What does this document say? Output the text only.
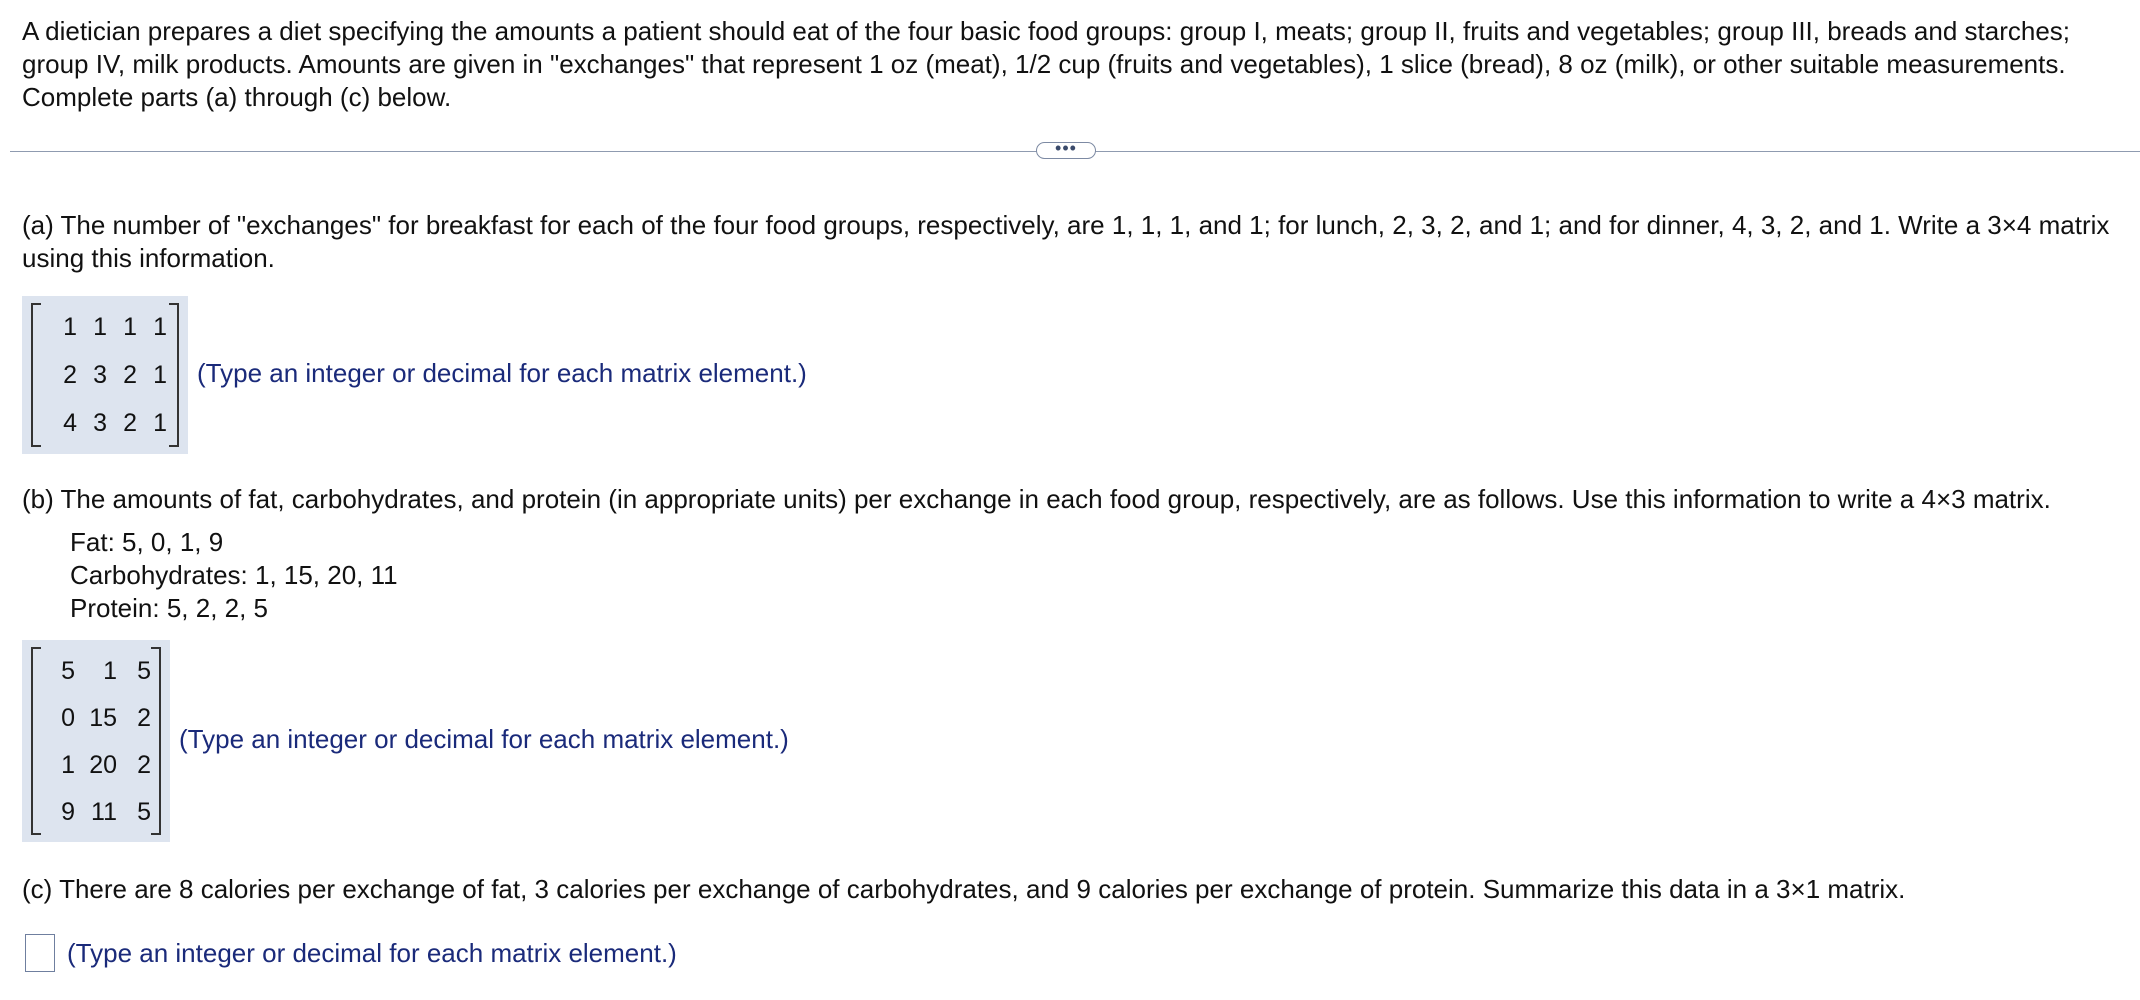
A dietician prepares a diet specifying the amounts a patient should eat of the four basic food groups: group I, meats; group II, fruits and vegetables; group III, breads and starches; group IV, milk products. Amounts are given in "exchanges" that represent 1 oz (meat), 1/2 cup (fruits and vegetables), 1 slice (bread), 8 oz (milk), or other suitable measurements. Complete parts (a) through (c) below.
•••
(a) The number of "exchanges" for breakfast for each of the four food groups, respectively, are 1, 1, 1, and 1; for lunch, 2, 3, 2, and 1; and for dinner, 4, 3, 2, and 1. Write a 3×4 matrix using this information.
1 1 1 1
2 3 2 1
4 3 2 1
(Type an integer or decimal for each matrix element.)
(b) The amounts of fat, carbohydrates, and protein (in appropriate units) per exchange in each food group, respectively, are as follows. Use this information to write a 4×3 matrix.
Fat: 5, 0, 1, 9
Carbohydrates: 1, 15, 20, 11
Protein: 5, 2, 2, 5
5	1 5
0 15 2
1 20 2
9 11 5
(Type an integer or decimal for each matrix element.)
(c) There are 8 calories per exchange of fat, 3 calories per exchange of carbohydrates, and 9 calories per exchange of protein. Summarize this data in a 3×1 matrix.
(Type an integer or decimal for each matrix element.)
